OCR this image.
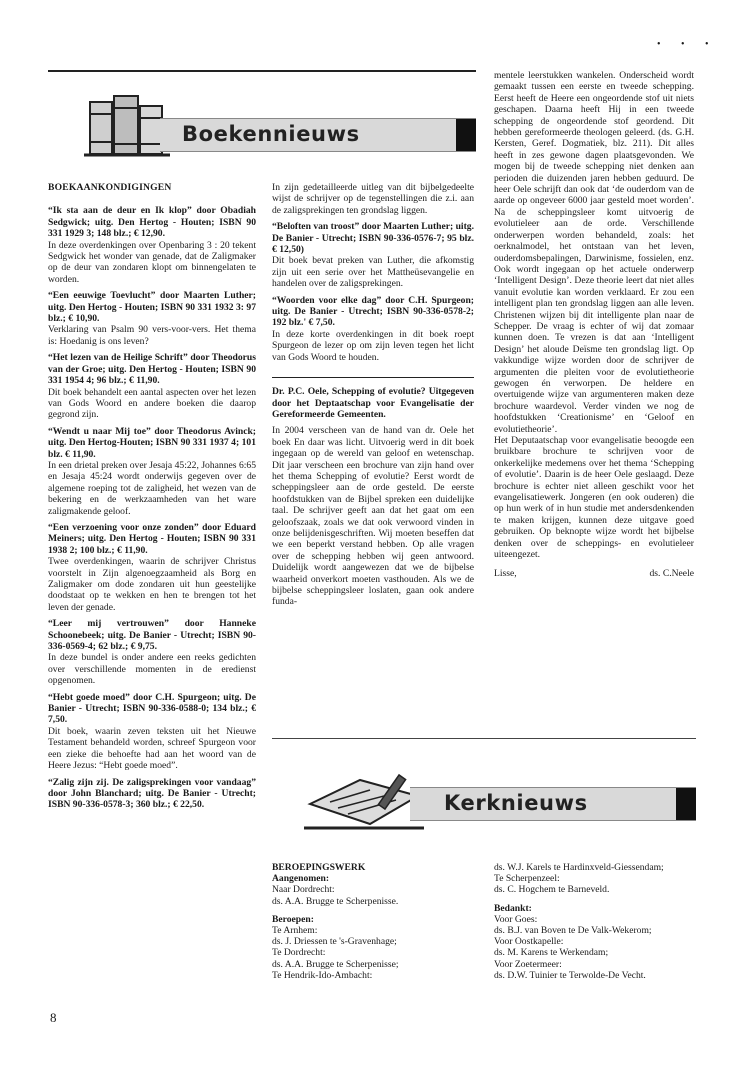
• • •
Boekennieuws

BOEKAANKONDIGINGEN

“Ik sta aan de deur en Ik klop” door Obadiah Sedgwick; uitg. Den Hertog - Houten; ISBN 90 331 1929 3; 148 blz.; € 12,90.

In deze overdenkingen over Openbaring 3 : 20 tekent Sedgwick het wonder van genade, dat de Zaligmaker op de deur van zondaren klopt om binnengelaten te worden.

“Een eeuwige Toevlucht” door Maarten Luther; uitg. Den Hertog - Houten; ISBN 90 331 1932 3: 97 blz.; € 10,90.

Verklaring van Psalm 90 vers-voor-vers. Het thema is: Hoedanig is ons leven?

“Het lezen van de Heilige Schrift” door Theodorus van der Groe; uitg. Den Hertog - Houten; ISBN 90 331 1954 4; 96 blz.; € 11,90.

Dit boek behandelt een aantal aspecten over het lezen van Gods Woord en andere boeken die daarop gegrond zijn.

“Wendt u naar Mij toe” door Theodorus Avinck; uitg. Den Hertog-Houten; ISBN 90 331 1937 4; 101 blz. € 11,90.

In een drietal preken over Jesaja 45:22, Johannes 6:65 en Jesaja 45:24 wordt onderwijs gegeven over de algemene roeping tot de zaligheid, het wezen van de bekering en de werkzaamheden van het ware zaligmakende geloof.

“Een verzoening voor onze zonden” door Eduard Meiners; uitg. Den Hertog - Houten; ISBN 90 331 1938 2; 100 blz.; € 11,90.

Twee overdenkingen, waarin de schrijver Christus voorstelt in Zijn algenoegzaamheid als Borg en Zaligmaker om dode zondaren uit hun geestelijke doodstaat op te wekken en hen te brengen tot het leven der genade.

“Leer mij vertrouwen” door Hanneke Schoonebeek; uitg. De Banier - Utrecht; ISBN 90-336-0569-4; 62 blz.; € 9,75.

In deze bundel is onder andere een reeks gedichten over verschillende momenten in de eredienst opgenomen.

“Hebt goede moed” door C.H. Spurgeon; uitg. De Banier - Utrecht; ISBN 90-336-0588-0; 134 blz.; € 7,50.

Dit boek, waarin zeven teksten uit het Nieuwe Testament behandeld worden, schreef Spurgeon voor een zieke die behoefte had aan het woord van de Heere Jezus: “Hebt goede moed”.

“Zalig zijn zij. De zaligsprekingen voor vandaag” door John Blanchard; uitg. De Banier - Utrecht; ISBN 90-336-0578-3; 360 blz.; € 22,50.

In zijn gedetailleerde uitleg van dit bijbelgedeelte wijst de schrijver op de tegenstellingen die z.i. aan de zaligsprekingen ten grondslag liggen.

“Beloften van troost” door Maarten Luther; uitg. De Banier - Utrecht; ISBN 90-336-0576-7; 95 blz. € 12,50)

Dit boek bevat preken van Luther, die afkomstig zijn uit een serie over het Mattheüsevangelie en handelen over de zaligsprekingen.

“Woorden voor elke dag” door C.H. Spurgeon; uitg. De Banier - Utrecht; ISBN 90-336-0578-2; 192 blz.' € 7,50.

In deze korte overdenkingen in dit boek roept Spurgeon de lezer op om zijn leven tegen het licht van Gods Woord te houden.

Dr. P.C. Oele, Schepping of evolutie? Uitgegeven door het Deptaatschap voor Evangelisatie der Gereformeerde Gemeenten.

In 2004 verscheen van de hand van dr. Oele het boek En daar was licht. Uitvoerig werd in dit boek ingegaan op de wereld van geloof en wetenschap. Dit jaar verscheen een brochure van zijn hand over het thema Schepping of evolutie? Eerst wordt de scheppingsleer aan de orde gesteld. De eerste hoofdstukken van de Bijbel spreken een duidelijke taal. De schrijver geeft aan dat het gaat om een geloofszaak, zoals we dat ook verwoord vinden in onze belijdenisgeschriften. Wij moeten beseffen dat we een beperkt verstand hebben. Op alle vragen over de schepping hebben wij geen antwoord. Duidelijk wordt aangewezen dat we de bijbelse waarheid onverkort moeten vasthouden. Als we de bijbelse scheppingsleer loslaten, gaan ook andere funda-

mentele leerstukken wankelen. Onderscheid wordt gemaakt tussen een eerste en tweede schepping. Eerst heeft de Heere een ongeordende stof uit niets geschapen. Daarna heeft Hij in een tweede schepping de ongeordende stof geordend. Dit hebben gereformeerde theologen geleerd. (ds. G.H. Kersten, Geref. Dogmatiek, blz. 211). Dit alles heeft in zes gewone dagen plaatsgevonden. We mogen bij de tweede schepping niet denken aan perioden die duizenden jaren hebben geduurd. De heer Oele schrijft dan ook dat ‘de ouderdom van de aarde op ongeveer 6000 jaar gesteld moet worden’. Na de scheppingsleer komt uitvoerig de evolutieleer aan de orde. Verschillende onderwerpen worden behandeld, zoals: het oerknalmodel, het ontstaan van het leven, ouderdomsbepalingen, Darwinisme, fossielen, enz. Ook wordt ingegaan op het actuele onderwerp ‘Intelligent Design’. Deze theorie leert dat niet alles vanuit evolutie kan worden verklaard. Er zou een intelligent plan ten grondslag liggen aan alle leven. Christenen wijzen bij dit intelligente plan naar de Schepper. De vraag is echter of wij dat zomaar kunnen doen. Te vrezen is dat aan ‘Intelligent Design’ het aloude Deïsme ten grondslag ligt. Op vakkundige wijze worden door de schrijver de argumenten die pleiten voor de evolutietheorie gewogen én verworpen. De heldere en overtuigende wijze van argumenteren maken deze brochure waardevol. Verder vinden we nog de hoofdstukken ‘Creationisme’ en ‘Geloof en evolutietheorie’.

Het Deputaatschap voor evangelisatie beoogde een bruikbare brochure te schrijven voor de onkerkelijke medemens over het thema ‘Schepping of evolutie’. Daarin is de heer Oele geslaagd. Deze brochure is echter niet alleen geschikt voor het evangelisatiewerk. Jongeren (en ook ouderen) die op hun werk of in hun studie met andersdenkenden te maken krijgen, kunnen deze uitgave goed gebruiken. Op beknopte wijze wordt het bijbelse denken over de scheppings- en evolutieleer uiteengezet.

Lisse,	ds. C.Neele
Kerknieuws
BEROEPINGSWERK
Aangenomen:
Naar Dordrecht:
ds. A.A. Brugge te Scherpenisse.
Beroepen:
Te Arnhem:
ds. J. Driessen te 's-Gravenhage;
Te Dordrecht:
ds. A.A. Brugge te Scherpenisse;
Te Hendrik-Ido-Ambacht:
ds. W.J. Karels te Hardinxveld-Giessendam;
Te Scherpenzeel:
ds. C. Hogchem te Barneveld.
Bedankt:
Voor Goes:
ds. B.J. van Boven te De Valk-Wekerom;
Voor Oostkapelle:
ds. M. Karens te Werkendam;
Voor Zoetermeer:
ds. D.W. Tuinier te Terwolde-De Vecht.
8
